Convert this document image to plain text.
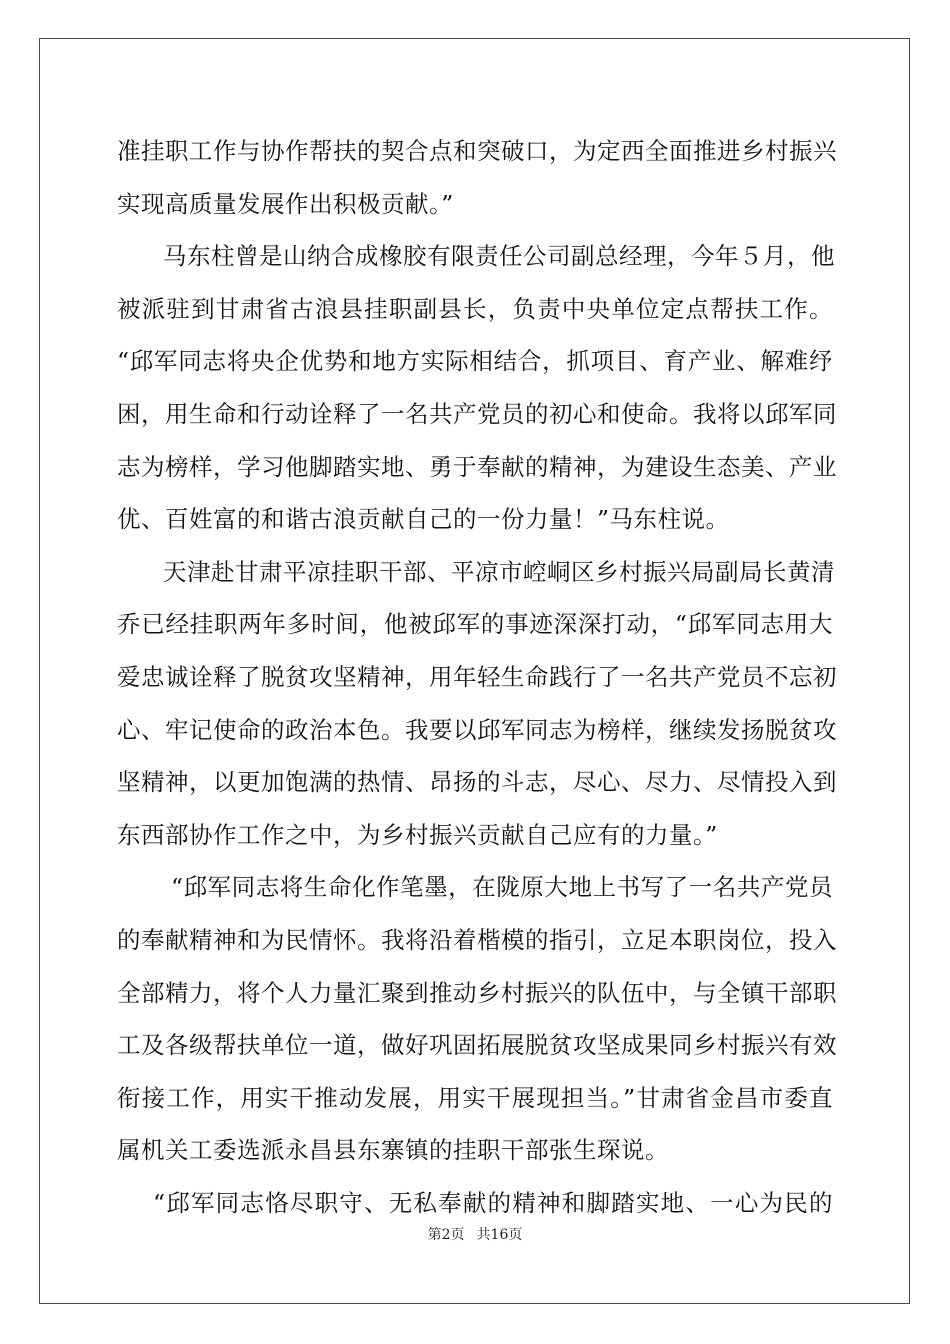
准挂职工作与协作帮扶的契合点和突破口，为定西全面推进乡村振兴
实现高质量发展作出积极贡献。”
马东柱曾是山纳合成橡胶有限责任公司副总经理，今年５月，他
被派驻到甘肃省古浪县挂职副县长，负责中央单位定点帮扶工作。
“邱军同志将央企优势和地方实际相结合，抓项目、育产业、解难纾
困，用生命和行动诠释了一名共产党员的初心和使命。我将以邱军同
志为榜样，学习他脚踏实地、勇于奉献的精神，为建设生态美、产业
优、百姓富的和谐古浪贡献自己的一份力量！”马东柱说。
天津赴甘肃平凉挂职干部、平凉市崆峒区乡村振兴局副局长黄清
乔已经挂职两年多时间，他被邱军的事迹深深打动，“邱军同志用大
爱忠诚诠释了脱贫攻坚精神，用年轻生命践行了一名共产党员不忘初
心、牢记使命的政治本色。我要以邱军同志为榜样，继续发扬脱贫攻
坚精神，以更加饱满的热情、昂扬的斗志，尽心、尽力、尽情投入到
东西部协作工作之中，为乡村振兴贡献自己应有的力量。”
“邱军同志将生命化作笔墨，在陇原大地上书写了一名共产党员
的奉献精神和为民情怀。我将沿着楷模的指引，立足本职岗位，投入
全部精力，将个人力量汇聚到推动乡村振兴的队伍中，与全镇干部职
工及各级帮扶单位一道，做好巩固拓展脱贫攻坚成果同乡村振兴有效
衔接工作，用实干推动发展，用实干展现担当。”甘肃省金昌市委直
属机关工委选派永昌县东寨镇的挂职干部张生琛说。
“邱军同志恪尽职守、无私奉献的精神和脚踏实地、一心为民的
第2页 共16页
